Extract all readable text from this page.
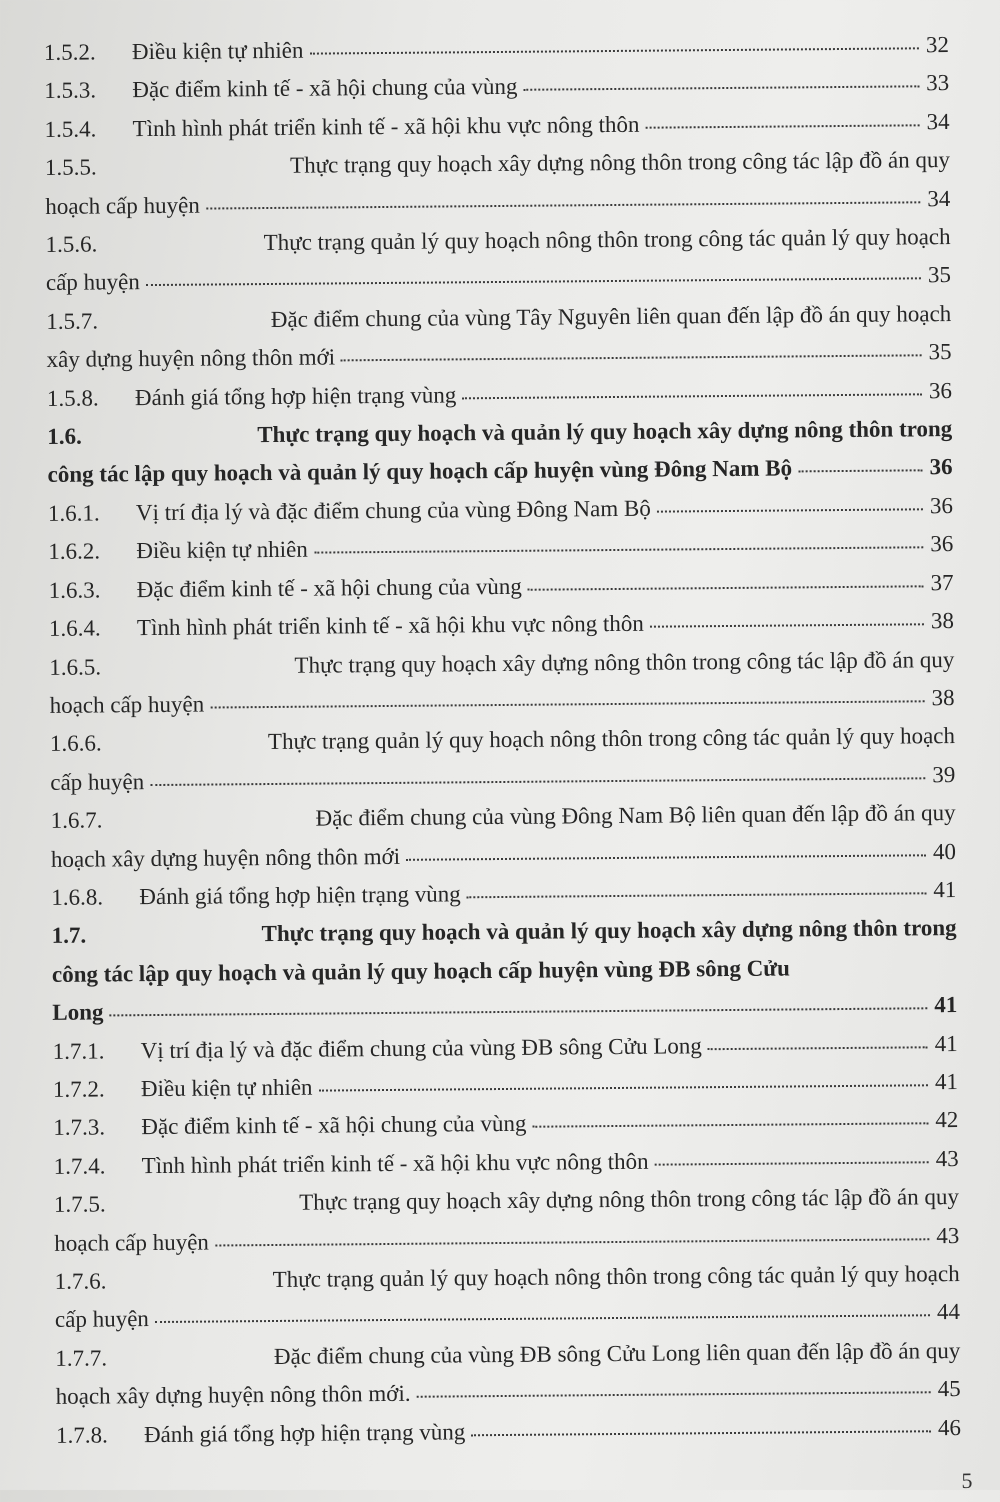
1.5.2.	Điều kiện tự nhiên	32
1.5.3.	Đặc điểm kinh tế - xã hội chung của vùng	33
1.5.4.	Tình hình phát triển kinh tế - xã hội khu vực nông thôn	34
1.5.5.	Thực trạng quy hoạch xây dựng nông thôn trong công tác lập đồ án quy
hoạch cấp huyện	34
1.5.6.	Thực trạng quản lý quy hoạch nông thôn trong công tác quản lý quy hoạch
cấp huyện	35
1.5.7.	Đặc điểm chung của vùng Tây Nguyên liên quan đến lập đồ án quy hoạch
xây dựng huyện nông thôn mới	35
1.5.8.	Đánh giá tổng hợp hiện trạng vùng	36
1.6.	Thực trạng quy hoạch và quản lý quy hoạch xây dựng nông thôn trong
công tác lập quy hoạch và quản lý quy hoạch cấp huyện vùng Đông Nam Bộ	36
1.6.1.	Vị trí địa lý và đặc điểm chung của vùng Đông Nam Bộ	36
1.6.2.	Điều kiện tự nhiên	36
1.6.3.	Đặc điểm kinh tế - xã hội chung của vùng	37
1.6.4.	Tình hình phát triển kinh tế - xã hội khu vực nông thôn	38
1.6.5.	Thực trạng quy hoạch xây dựng nông thôn trong công tác lập đồ án quy
hoạch cấp huyện	38
1.6.6.	Thực trạng quản lý quy hoạch nông thôn trong công tác quản lý quy hoạch
cấp huyện	39
1.6.7.	Đặc điểm chung của vùng Đông Nam Bộ liên quan đến lập đồ án quy
hoạch xây dựng huyện nông thôn mới	40
1.6.8.	Đánh giá tổng hợp hiện trạng vùng	41
1.7.	Thực trạng quy hoạch và quản lý quy hoạch xây dựng nông thôn trong
công tác lập quy hoạch và quản lý quy hoạch cấp huyện vùng ĐB sông Cửu
Long	41
1.7.1.	Vị trí địa lý và đặc điểm chung của vùng ĐB sông Cửu Long	41
1.7.2.	Điều kiện tự nhiên	41
1.7.3.	Đặc điểm kinh tế - xã hội chung của vùng	42
1.7.4.	Tình hình phát triển kinh tế - xã hội khu vực nông thôn	43
1.7.5.	Thực trạng quy hoạch xây dựng nông thôn trong công tác lập đồ án quy
hoạch cấp huyện	43
1.7.6.	Thực trạng quản lý quy hoạch nông thôn trong công tác quản lý quy hoạch
cấp huyện	44
1.7.7.	Đặc điểm chung của vùng ĐB sông Cửu Long liên quan đến lập đồ án quy
hoạch xây dựng huyện nông thôn mới.	45
1.7.8.	Đánh giá tổng hợp hiện trạng vùng	46
5
